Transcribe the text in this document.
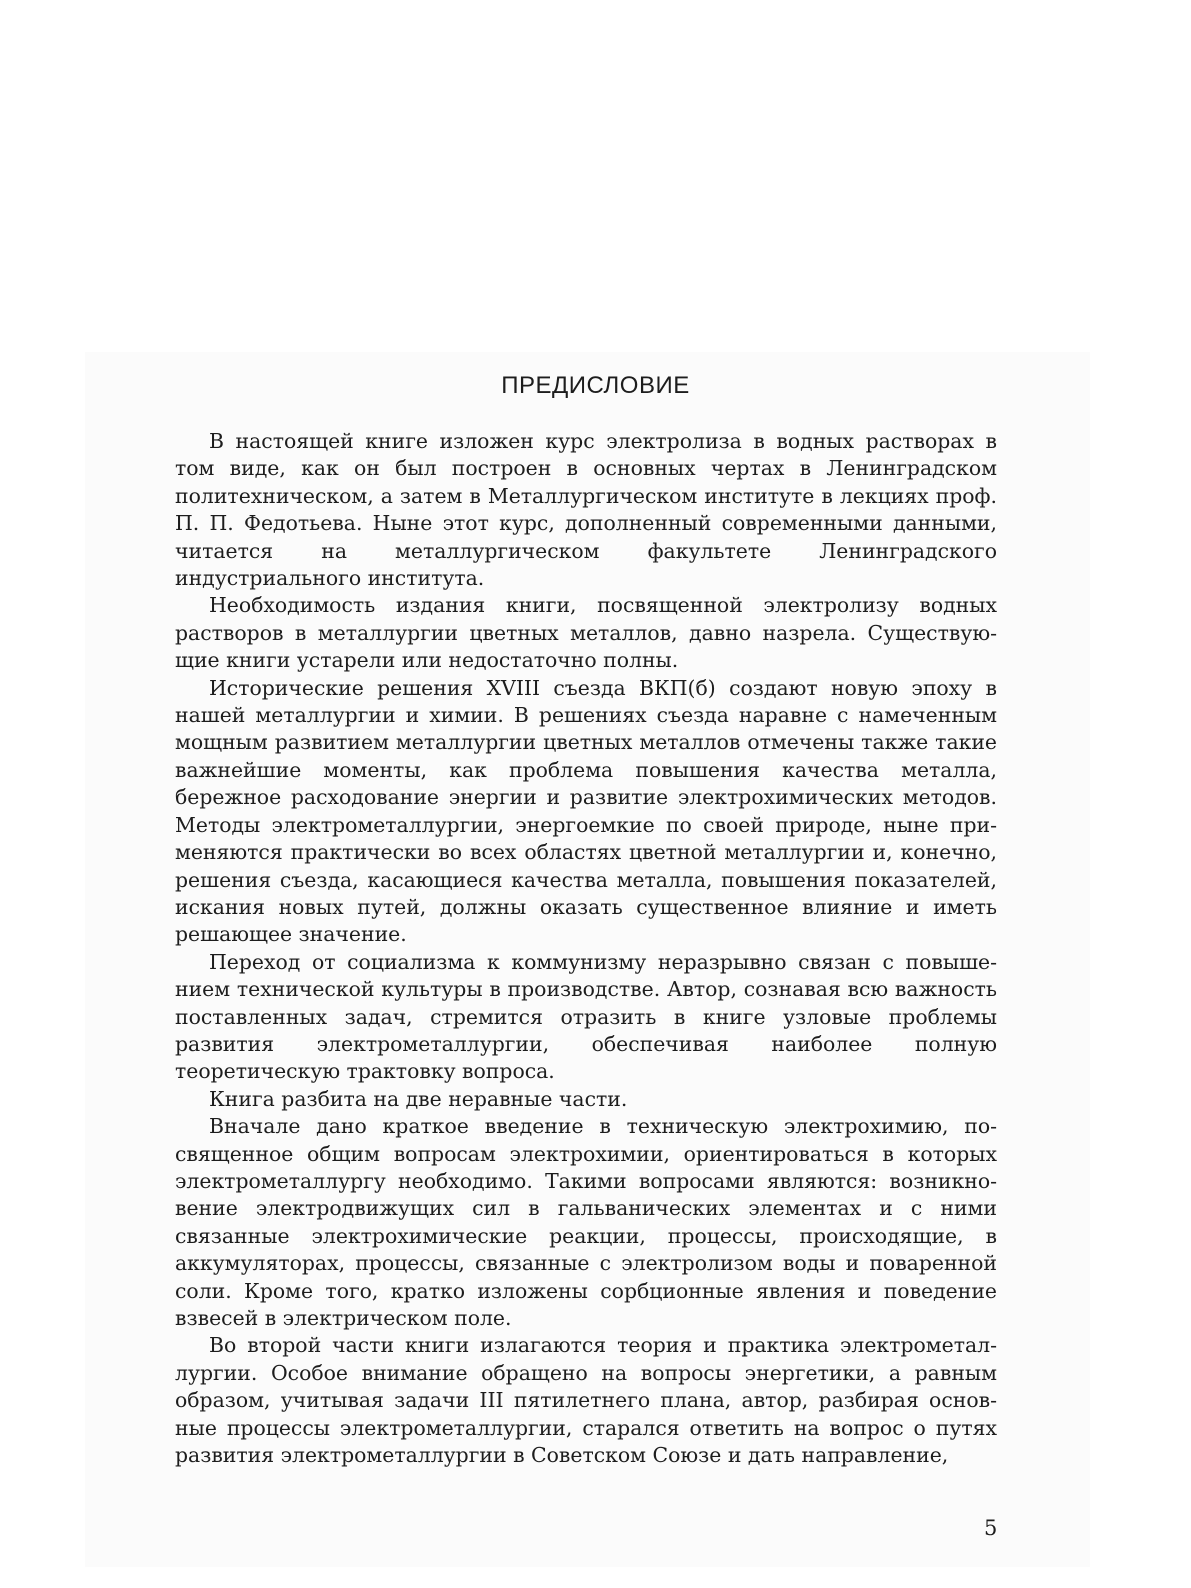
ПРЕДИСЛОВИЕ

В настоящей книге изложен курс электролиза в водных растворах в том виде, как он был построен в основных чертах в Ленинградском политехническом, а затем в Металлургическом институте в лекциях проф. П. П. Федотьева. Ныне этот курс, дополненный современными данными, читается на металлургическом факультете Ленинградского индустриального института.

Необходимость издания книги, посвященной электролизу водных растворов в металлургии цветных металлов, давно назрела. Существующие книги устарели или недостаточно полны.

Исторические решения XVIII съезда ВКП(б) создают новую эпоху в нашей металлургии и химии. В решениях съезда наравне с намеченным мощным развитием металлургии цветных металлов отмечены также такие важнейшие моменты, как проблема повышения качества металла, бережное расходование энергии и развитие электрохимических методов. Методы электрометаллургии, энергоемкие по своей природе, ныне применяются практически во всех областях цветной металлургии и, конечно, решения съезда, касающиеся качества металла, повышения показателей, искания новых путей, должны оказать существенное влияние и иметь решающее значение.

Переход от социализма к коммунизму неразрывно связан с повышением технической культуры в производстве. Автор, сознавая всю важность поставленных задач, стремится отразить в книге узловые проблемы развития электрометаллургии, обеспечивая наиболее полную теоретическую трактовку вопроса.

Книга разбита на две неравные части.

Вначале дано краткое введение в техническую электрохимию, посвященное общим вопросам электрохимии, ориентироваться в которых электрометаллургу необходимо. Такими вопросами являются: возникновение электродвижущих сил в гальванических элементах и с ними связанные электрохимические реакции, процессы, происходящие, в аккумуляторах, процессы, связанные с электролизом воды и поваренной соли. Кроме того, кратко изложены сорбционные явления и поведение взвесей в электрическом поле.

Во второй части книги излагаются теория и практика электрометаллургии. Особое внимание обращено на вопросы энергетики, а равным образом, учитывая задачи III пятилетнего плана, автор, разбирая основные процессы электрометаллургии, старался ответить на вопрос о путях развития электрометаллургии в Советском Союзе и дать направление,

5
